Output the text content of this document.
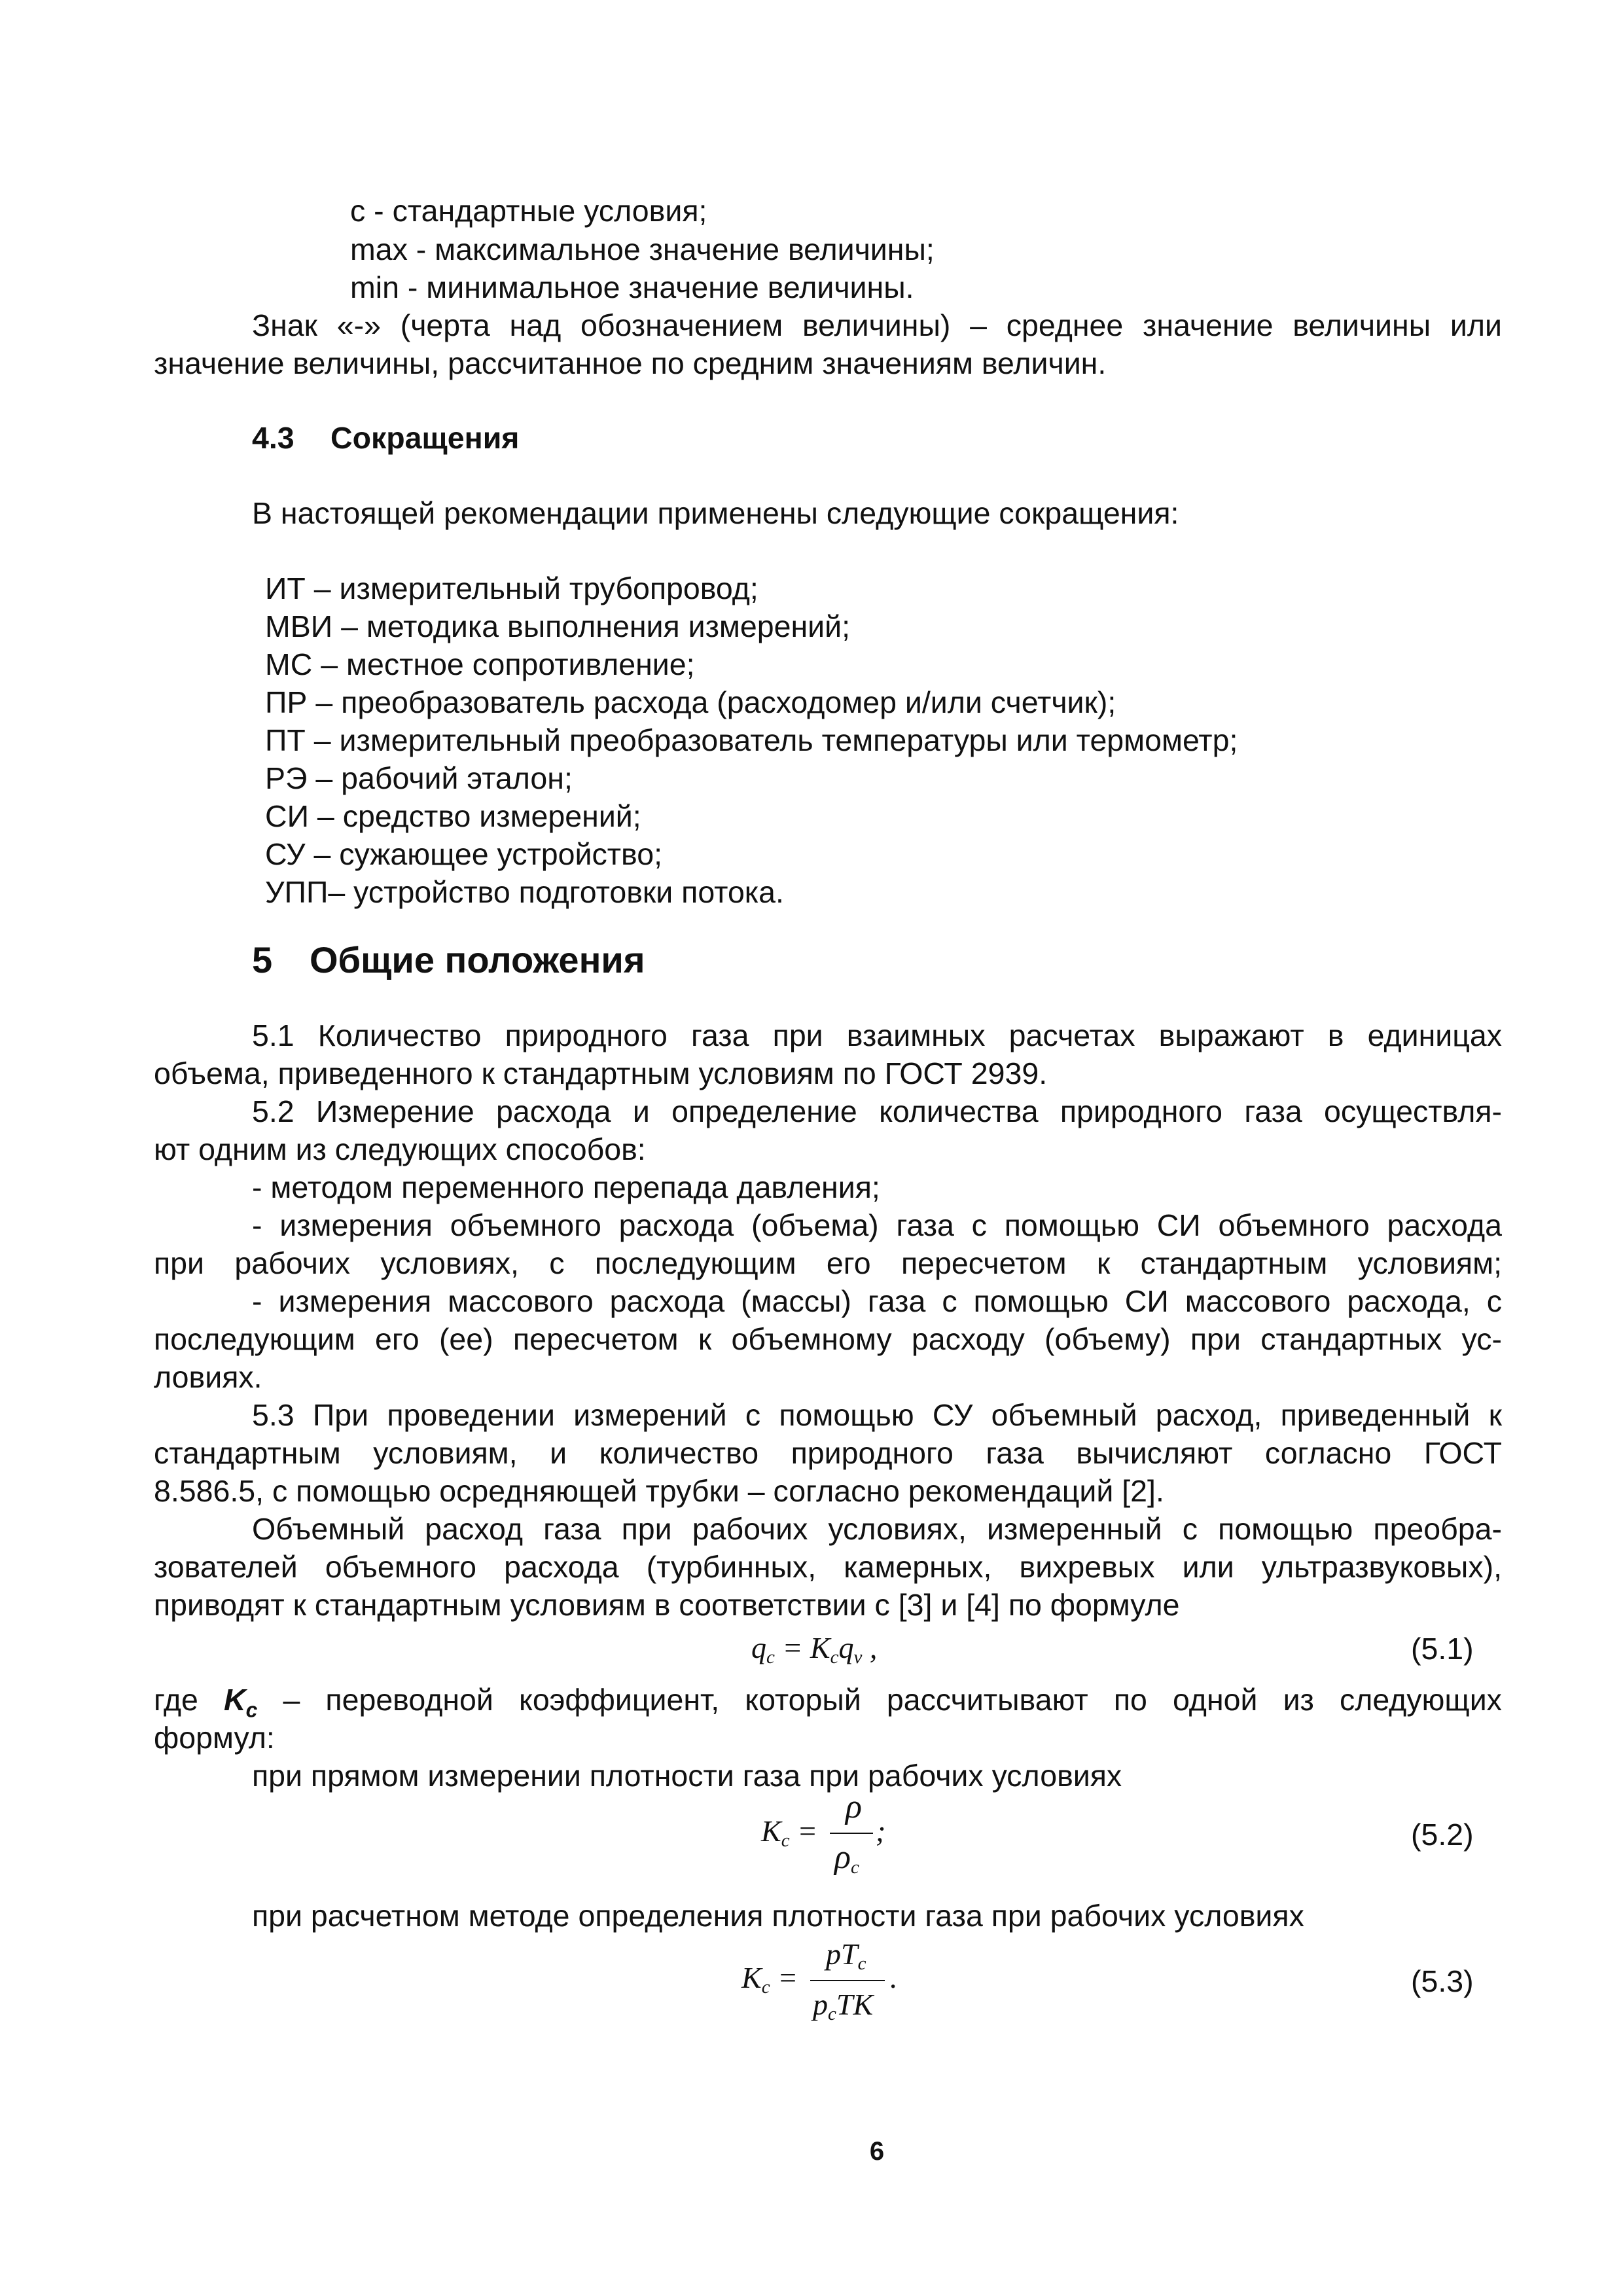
с - стандартные условия;
max - максимальное значение величины;
min - минимальное значение величины.
Знак «-» (черта над обозначением величины) – среднее значение величины или
значение величины, рассчитанное по средним значениям величин.
4.3 Сокращения
В настоящей рекомендации применены следующие сокращения:
ИТ – измерительный трубопровод;
МВИ – методика выполнения измерений;
МС – местное сопротивление;
ПР – преобразователь расхода (расходомер и/или счетчик);
ПТ – измерительный преобразователь температуры или термометр;
РЭ – рабочий эталон;
СИ – средство измерений;
СУ – сужающее устройство;
УПП– устройство подготовки потока.
5 Общие положения
5.1 Количество природного газа при взаимных расчетах выражают в единицах
объема, приведенного к стандартным условиям по ГОСТ 2939.
5.2 Измерение расхода и определение количества природного газа осуществля-
ют одним из следующих способов:
- методом переменного перепада давления;
- измерения объемного расхода (объема) газа с помощью СИ объемного расхода
при рабочих условиях, с последующим его пересчетом к стандартным условиям;
- измерения массового расхода (массы) газа с помощью СИ массового расхода, с
последующим его (ее) пересчетом к объемному расходу (объему) при стандартных ус-
ловиях.
5.3 При проведении измерений с помощью СУ объемный расход, приведенный к
стандартным условиям, и количество природного газа вычисляют согласно ГОСТ
8.586.5, с помощью осредняющей трубки – согласно рекомендаций [2].
Объемный расход газа при рабочих условиях, измеренный с помощью преобра-
зователей объемного расхода (турбинных, камерных, вихревых или ультразвуковых),
приводят к стандартным условиям в соответствии с [3] и [4] по формуле
$q_c = K_cq_v$ ,	(5.1)
где $K_c$ – переводной коэффициент, который рассчитывают по одной из следующих
формул:
при прямом измерении плотности газа при рабочих условиях
$K_c$ =
ρ
$\rho_c$
;	(5.2)
при расчетном методе определения плотности газа при рабочих условиях
$K_c$ =
$pT_c$
$p_cTK$
.	(5.3)
6
